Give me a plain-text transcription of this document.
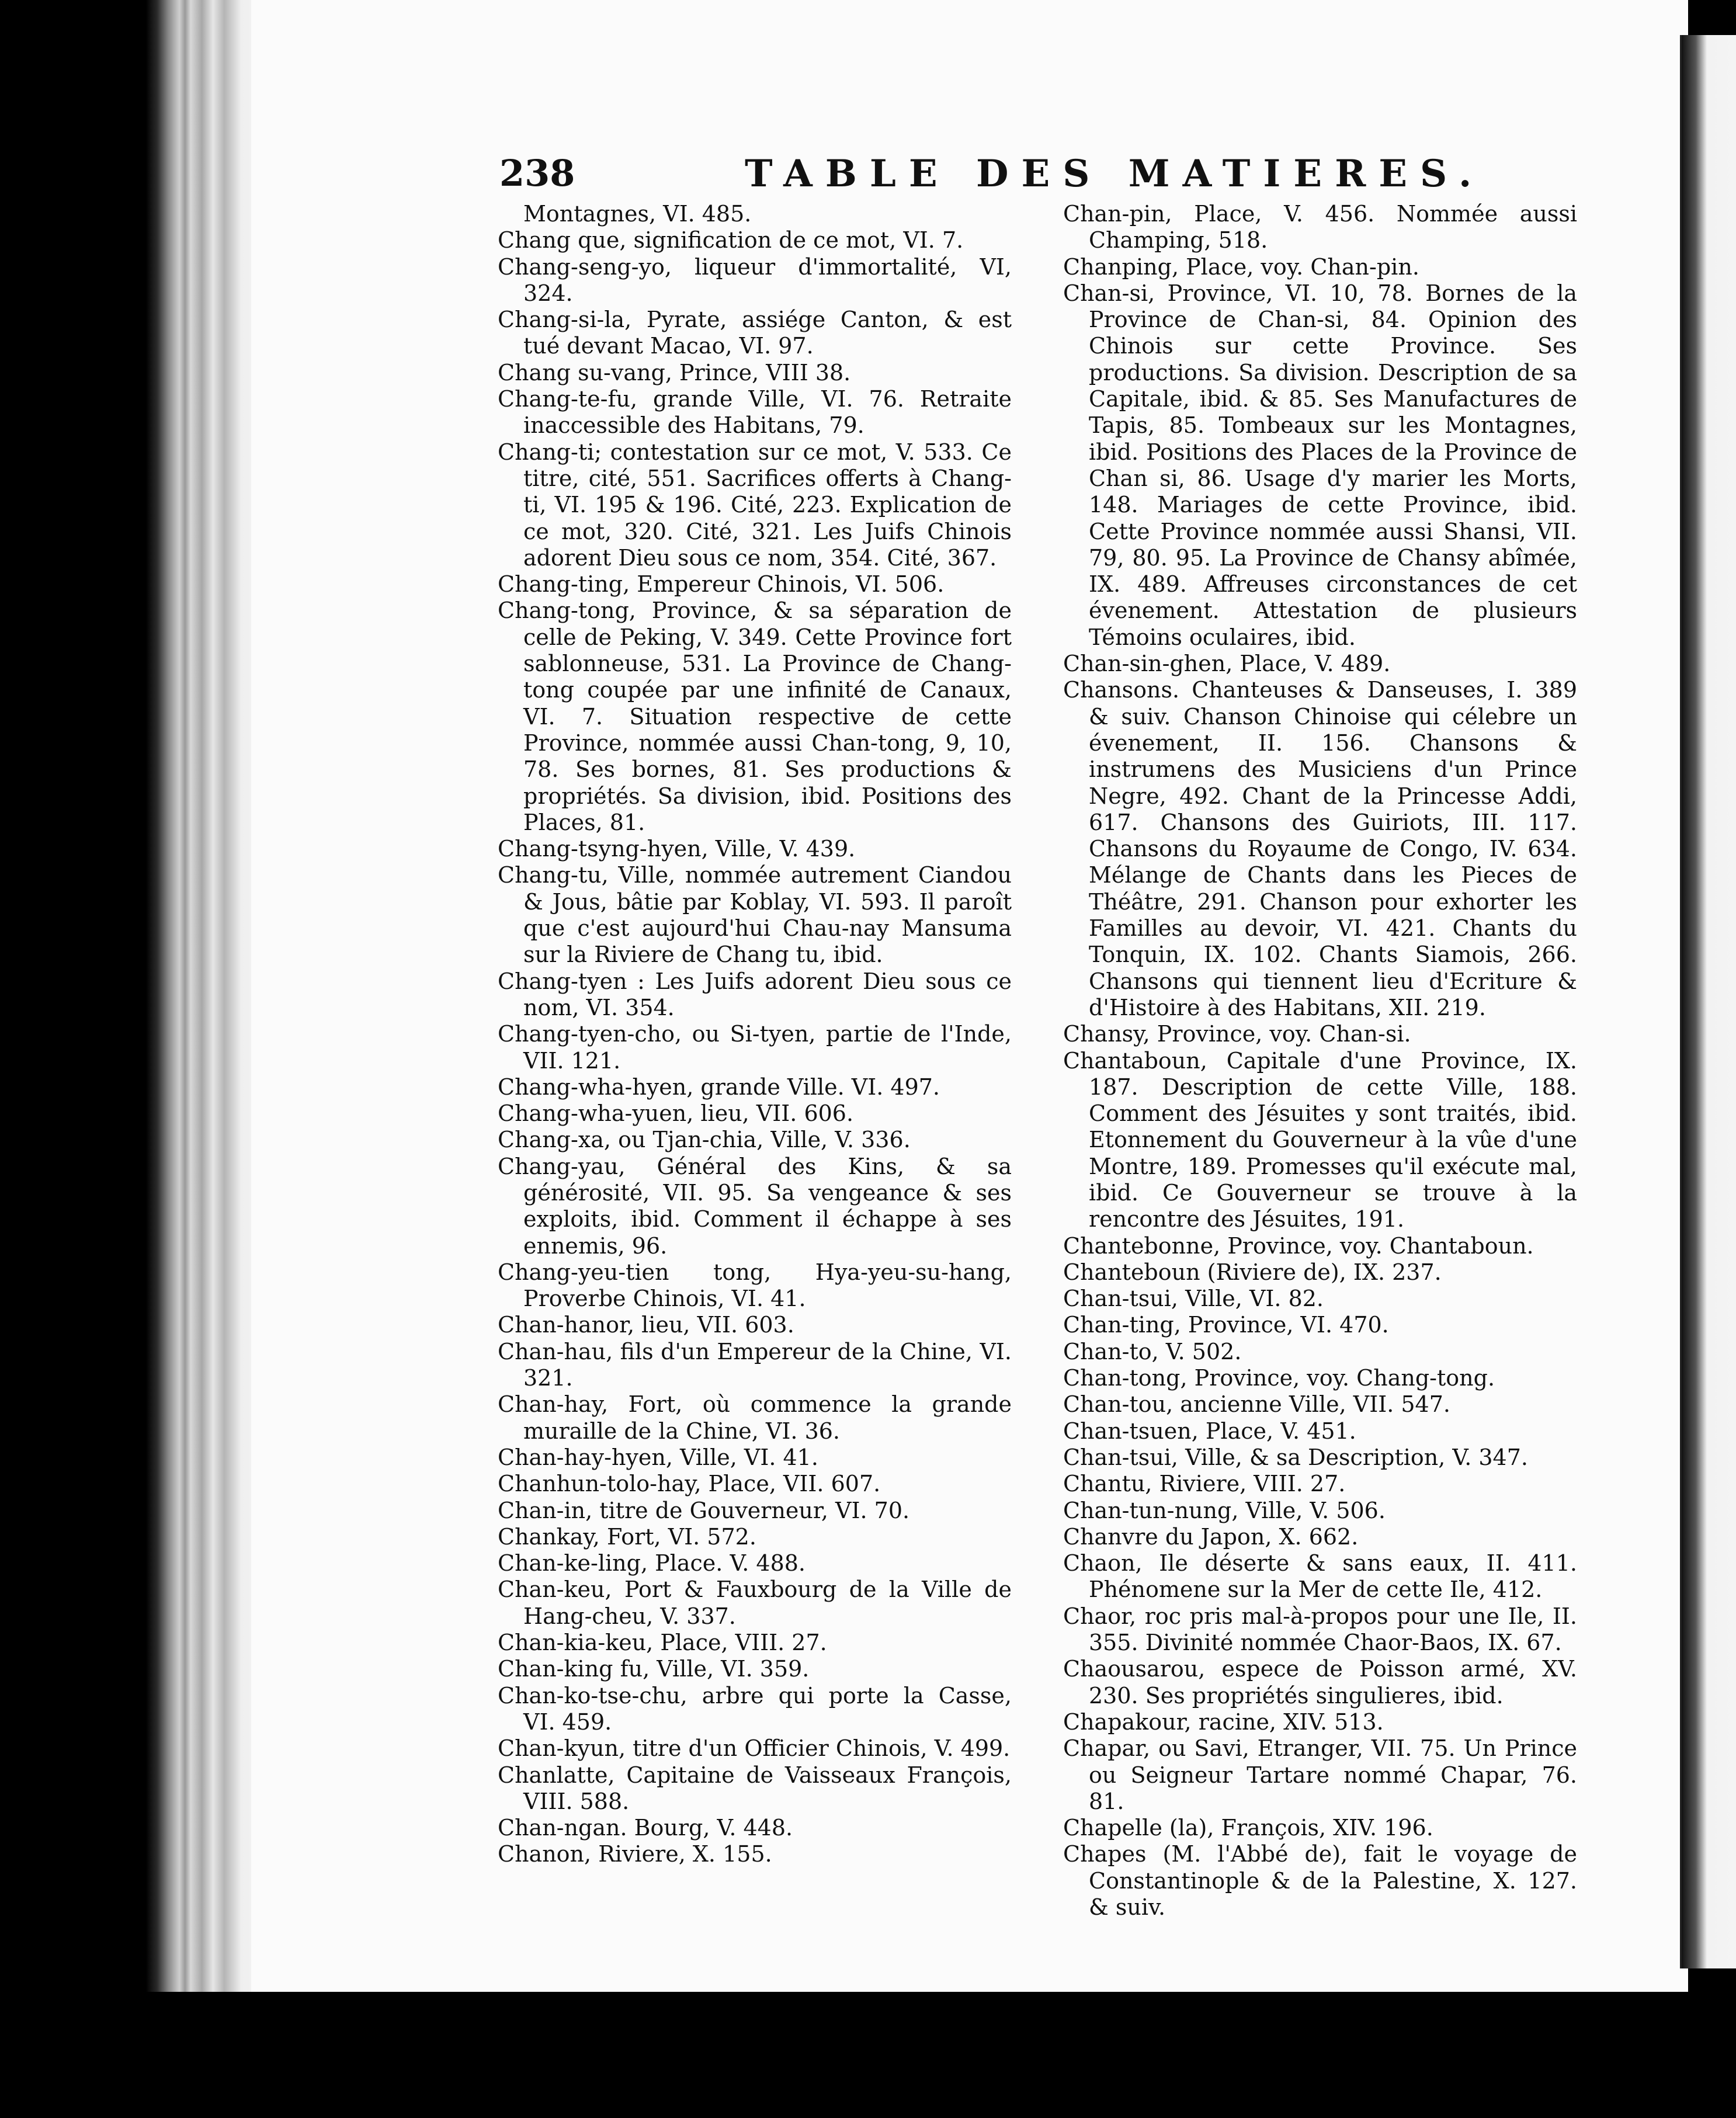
238	TABLE DES MATIERES.

Montagnes, VI. 485.

Chang que, signification de ce mot, VI. 7.

Chang-seng-yo, liqueur d'immortalité, VI, 324.

Chang-si-la, Pyrate, assiége Canton, & est tué devant Macao, VI. 97.

Chang su-vang, Prince, VIII 38.

Chang-te-fu, grande Ville, VI. 76. Retraite inaccessible des Habitans, 79.

Chang-ti; contestation sur ce mot, V. 533. Ce titre, cité, 551. Sacrifices offerts à Chang-ti, VI. 195 & 196. Cité, 223. Explication de ce mot, 320. Cité, 321. Les Juifs Chinois adorent Dieu sous ce nom, 354. Cité, 367.

Chang-ting, Empereur Chinois, VI. 506.

Chang-tong, Province, & sa séparation de celle de Peking, V. 349. Cette Province fort sablonneuse, 531. La Province de Chang-tong coupée par une infinité de Canaux, VI. 7. Situation respective de cette Province, nommée aussi Chan-tong, 9, 10, 78. Ses bornes, 81. Ses productions & propriétés. Sa division, ibid. Positions des Places, 81.

Chang-tsyng-hyen, Ville, V. 439.

Chang-tu, Ville, nommée autrement Ciandou & Jous, bâtie par Koblay, VI. 593. Il paroît que c'est aujourd'hui Chau-nay Mansuma sur la Riviere de Chang tu, ibid.

Chang-tyen : Les Juifs adorent Dieu sous ce nom, VI. 354.

Chang-tyen-cho, ou Si-tyen, partie de l'Inde, VII. 121.

Chang-wha-hyen, grande Ville. VI. 497.

Chang-wha-yuen, lieu, VII. 606.

Chang-xa, ou Tjan-chia, Ville, V. 336.

Chang-yau, Général des Kins, & sa générosité, VII. 95. Sa vengeance & ses exploits, ibid. Comment il échappe à ses ennemis, 96.

Chang-yeu-tien tong, Hya-yeu-su-hang, Proverbe Chinois, VI. 41.

Chan-hanor, lieu, VII. 603.

Chan-hau, fils d'un Empereur de la Chine, VI. 321.

Chan-hay, Fort, où commence la grande muraille de la Chine, VI. 36.

Chan-hay-hyen, Ville, VI. 41.

Chanhun-tolo-hay, Place, VII. 607.

Chan-in, titre de Gouverneur, VI. 70.

Chankay, Fort, VI. 572.

Chan-ke-ling, Place. V. 488.

Chan-keu, Port & Fauxbourg de la Ville de Hang-cheu, V. 337.

Chan-kia-keu, Place, VIII. 27.

Chan-king fu, Ville, VI. 359.

Chan-ko-tse-chu, arbre qui porte la Casse, VI. 459.

Chan-kyun, titre d'un Officier Chinois, V. 499.

Chanlatte, Capitaine de Vaisseaux François, VIII. 588.

Chan-ngan. Bourg, V. 448.

Chanon, Riviere, X. 155.

Chan-pin, Place, V. 456. Nommée aussi Champing, 518.

Chanping, Place, voy. Chan-pin.

Chan-si, Province, VI. 10, 78. Bornes de la Province de Chan-si, 84. Opinion des Chinois sur cette Province. Ses productions. Sa division. Description de sa Capitale, ibid. & 85. Ses Manufactures de Tapis, 85. Tombeaux sur les Montagnes, ibid. Positions des Places de la Province de Chan si, 86. Usage d'y marier les Morts, 148. Mariages de cette Province, ibid. Cette Province nommée aussi Shansi, VII. 79, 80. 95. La Province de Chansy abîmée, IX. 489. Affreuses circonstances de cet évenement. Attestation de plusieurs Témoins oculaires, ibid.

Chan-sin-ghen, Place, V. 489.

Chansons. Chanteuses & Danseuses, I. 389 & suiv. Chanson Chinoise qui célebre un évenement, II. 156. Chansons & instrumens des Musiciens d'un Prince Negre, 492. Chant de la Princesse Addi, 617. Chansons des Guiriots, III. 117. Chansons du Royaume de Congo, IV. 634. Mélange de Chants dans les Pieces de Théâtre, 291. Chanson pour exhorter les Familles au devoir, VI. 421. Chants du Tonquin, IX. 102. Chants Siamois, 266. Chansons qui tiennent lieu d'Ecriture & d'Histoire à des Habitans, XII. 219.

Chansy, Province, voy. Chan-si.

Chantaboun, Capitale d'une Province, IX. 187. Description de cette Ville, 188. Comment des Jésuites y sont traités, ibid. Etonnement du Gouverneur à la vûe d'une Montre, 189. Promesses qu'il exécute mal, ibid. Ce Gouverneur se trouve à la rencontre des Jésuites, 191.

Chantebonne, Province, voy. Chantaboun.

Chanteboun (Riviere de), IX. 237.

Chan-tsui, Ville, VI. 82.

Chan-ting, Province, VI. 470.

Chan-to, V. 502.

Chan-tong, Province, voy. Chang-tong.

Chan-tou, ancienne Ville, VII. 547.

Chan-tsuen, Place, V. 451.

Chan-tsui, Ville, & sa Description, V. 347.

Chantu, Riviere, VIII. 27.

Chan-tun-nung, Ville, V. 506.

Chanvre du Japon, X. 662.

Chaon, Ile déserte & sans eaux, II. 411. Phénomene sur la Mer de cette Ile, 412.

Chaor, roc pris mal-à-propos pour une Ile, II. 355. Divinité nommée Chaor-Baos, IX. 67.

Chaousarou, espece de Poisson armé, XV. 230. Ses propriétés singulieres, ibid.

Chapakour, racine, XIV. 513.

Chapar, ou Savi, Etranger, VII. 75. Un Prince ou Seigneur Tartare nommé Chapar, 76. 81.

Chapelle (la), François, XIV. 196.

Chapes (M. l'Abbé de), fait le voyage de Constantinople & de la Palestine, X. 127. & suiv.
